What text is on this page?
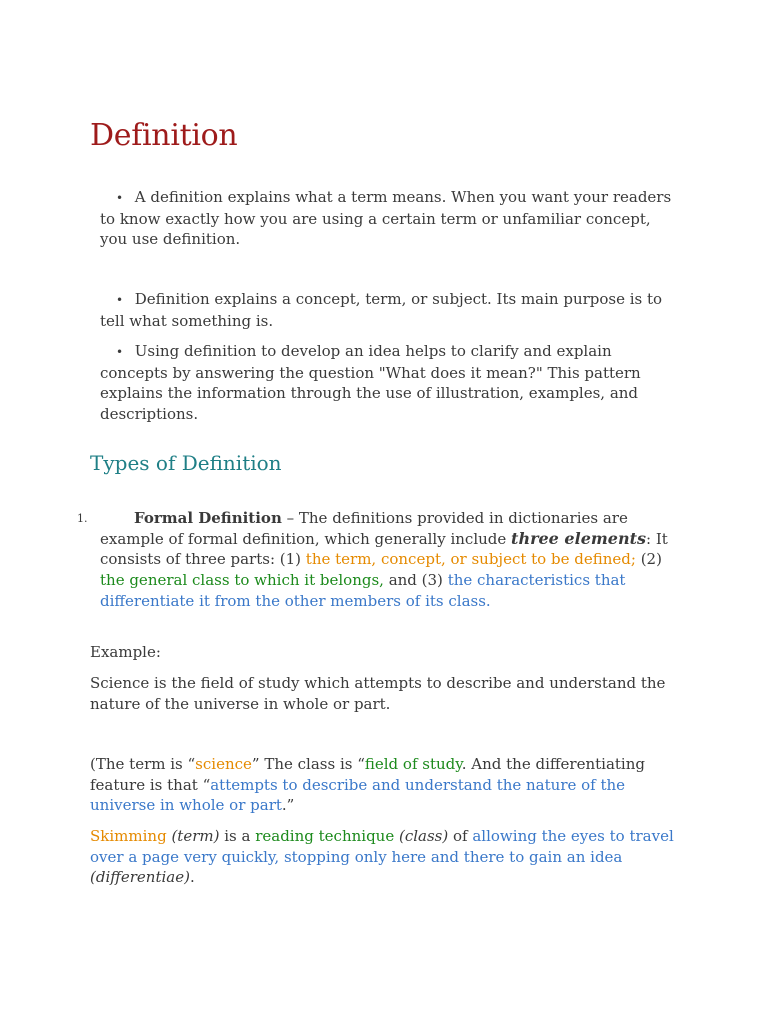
Definition

• A definition explains what a term means. When you want your readers to know exactly how you are using a certain term or unfamiliar concept, you use definition.

• Definition explains a concept, term, or subject. Its main purpose is to tell what something is.

• Using definition to develop an idea helps to clarify and explain concepts by answering the question "What does it mean?" This pattern explains the information through the use of illustration, examples, and descriptions.

Types of Definition
1.	Formal Definition – The definitions provided in dictionaries are example of formal definition, which generally include three elements: It consists of three parts: (1) the term, concept, or subject to be defined; (2) the general class to which it belongs, and (3) the characteristics that differentiate it from the other members of its class.

Example:

Science is the field of study which attempts to describe and understand the nature of the universe in whole or part.

(The term is “science” The class is “field of study. And the differentiating feature is that “attempts to describe and understand the nature of the universe in whole or part.”

Skimming (term) is a reading technique (class) of allowing the eyes to travel over a page very quickly, stopping only here and there to gain an idea (differentiae).
